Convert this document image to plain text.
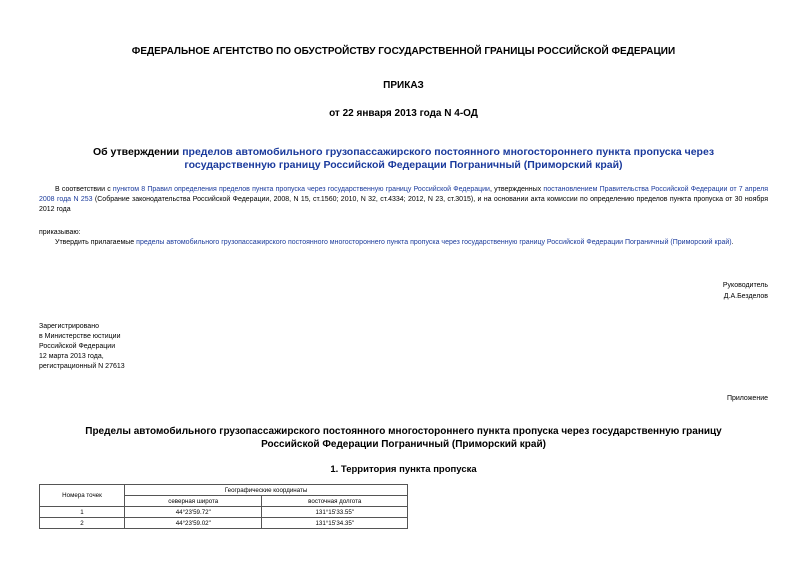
ФЕДЕРАЛЬНОЕ АГЕНТСТВО ПО ОБУСТРОЙСТВУ ГОСУДАРСТВЕННОЙ ГРАНИЦЫ РОССИЙСКОЙ ФЕДЕРАЦИИ
ПРИКАЗ
от 22 января 2013 года N 4-ОД
Об утверждении пределов автомобильного грузопассажирского постоянного многостороннего пункта пропуска через государственную границу Российской Федерации Пограничный (Приморский край)
В соответствии с пунктом 8 Правил определения пределов пункта пропуска через государственную границу Российской Федерации, утвержденных постановлением Правительства Российской Федерации от 7 апреля 2008 года N 253 (Собрание законодательства Российской Федерации, 2008, N 15, ст.1560; 2010, N 32, ст.4334; 2012, N 23, ст.3015), и на основании акта комиссии по определению пределов пункта пропуска от 30 ноября 2012 года
приказываю:
Утвердить прилагаемые пределы автомобильного грузопассажирского постоянного многостороннего пункта пропуска через государственную границу Российской Федерации Пограничный (Приморский край).
Руководитель
Д.А.Безделов
Зарегистрировано
в Министерстве юстиции
Российской Федерации
12 марта 2013 года,
регистрационный N 27613
Приложение
Пределы автомобильного грузопассажирского постоянного многостороннего пункта пропуска через государственную границу Российской Федерации Пограничный (Приморский край)
1. Территория пункта пропуска
Номера точек	Географические координаты	
	северная широта	восточная долгота
1	44°23'59.72"	131°15'33.55"
2	44°23'59.02"	131°15'34.35"
